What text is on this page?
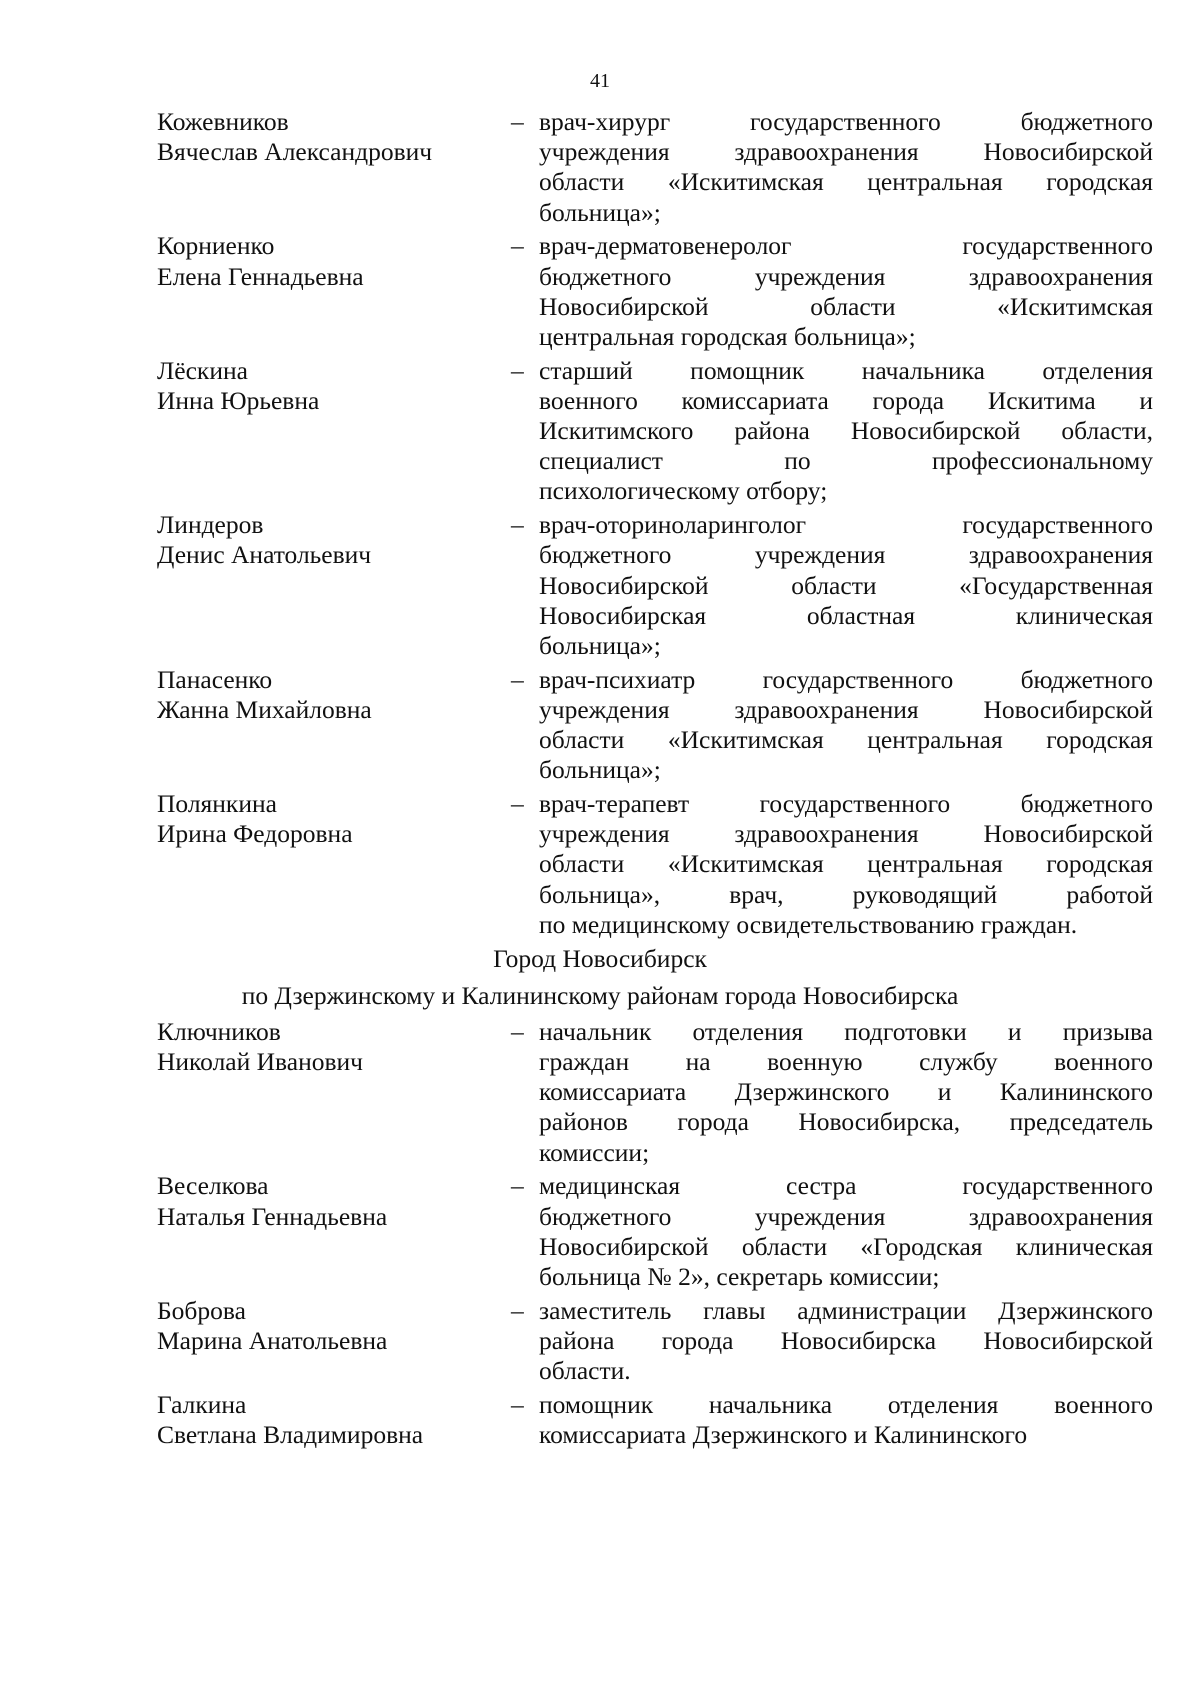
41
Кожевников
Вячеслав Александрович
– врач-хирург государственного бюджетного
учреждения здравоохранения Новосибирской
области «Искитимская центральная городская
больница»;
Корниенко
Елена Геннадьевна
– врач-дерматовенеролог государственного
бюджетного учреждения здравоохранения
Новосибирской области «Искитимская
центральная городская больница»;
Лёскина
Инна Юрьевна
– старший помощник начальника отделения
военного комиссариата города Искитима и
Искитимского района Новосибирской области,
специалист по профессиональному
психологическому отбору;
Линдеров
Денис Анатольевич
– врач-оториноларинголог государственного
бюджетного учреждения здравоохранения
Новосибирской области «Государственная
Новосибирская областная клиническая
больница»;
Панасенко
Жанна Михайловна
– врач-психиатр государственного бюджетного
учреждения здравоохранения Новосибирской
области «Искитимская центральная городская
больница»;
Полянкина
Ирина Федоровна
– врач-терапевт государственного бюджетного
учреждения здравоохранения Новосибирской
области «Искитимская центральная городская
больница», врач, руководящий работой
по медицинскому освидетельствованию граждан.
Город Новосибирск
по Дзержинскому и Калининскому районам города Новосибирска
Ключников
Николай Иванович
– начальник отделения подготовки и призыва
граждан на военную службу военного
комиссариата Дзержинского и Калининского
районов города Новосибирска, председатель
комиссии;
Веселкова
Наталья Геннадьевна
– медицинская сестра государственного
бюджетного учреждения здравоохранения
Новосибирской области «Городская клиническая
больница № 2», секретарь комиссии;
Боброва
Марина Анатольевна
– заместитель главы администрации Дзержинского
района города Новосибирска Новосибирской
области.
Галкина
Светлана Владимировна
– помощник начальника отделения военного
комиссариата Дзержинского и Калининского
